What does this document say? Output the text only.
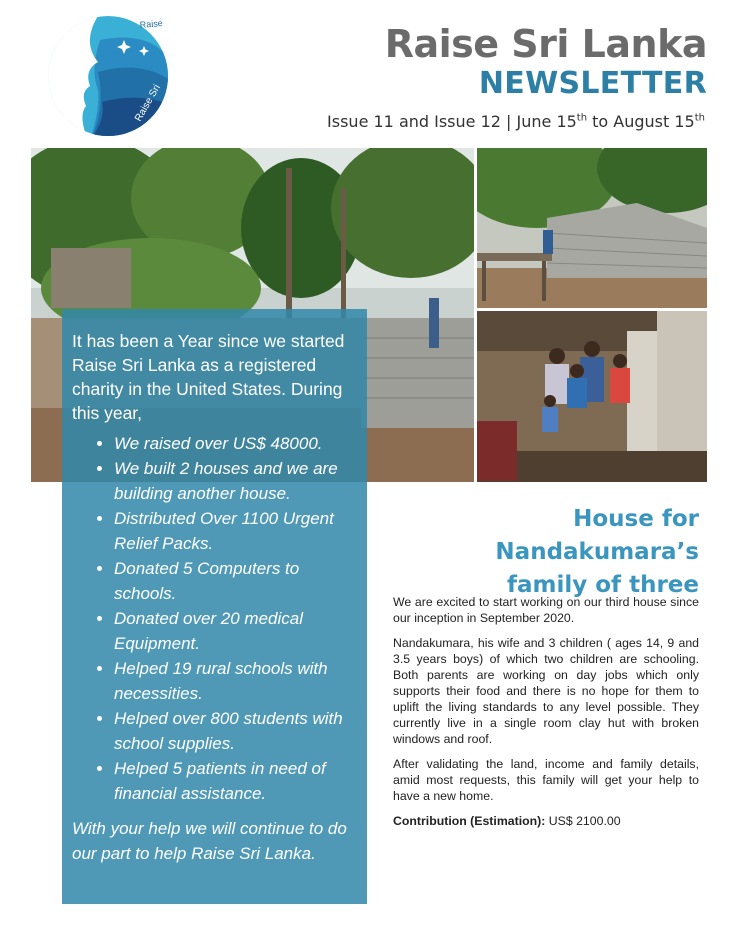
Raise
Raise Sri
Raise Sri Lanka
NEWSLETTER
Issue 11 and Issue 12 | June 15th to August 15th

It has been a Year since we started Raise Sri Lanka as a registered charity in the United States. During this year,

• We raised over US$ 48000.
• We built 2 houses and we are building another house.
• Distributed Over 1100 Urgent Relief Packs.
• Donated 5 Computers to schools.
• Donated over 20 medical Equipment.
• Helped 19 rural schools with necessities.
• Helped over 800 students with school supplies.
• Helped 5 patients in need of financial assistance.

With your help we will continue to do our part to help Raise Sri Lanka.

House for Nandakumara’s
family of three

We are excited to start working on our third house since our inception in September 2020.

Nandakumara, his wife and 3 children ( ages 14, 9 and 3.5 years boys) of which two children are schooling. Both parents are working on day jobs which only supports their food and there is no hope for them to uplift the living standards to any level possible. They currently live in a single room clay hut with broken windows and roof.

After validating the land, income and family details, amid most requests, this family will get your help to have a new home.

Contribution (Estimation): US$ 2100.00
